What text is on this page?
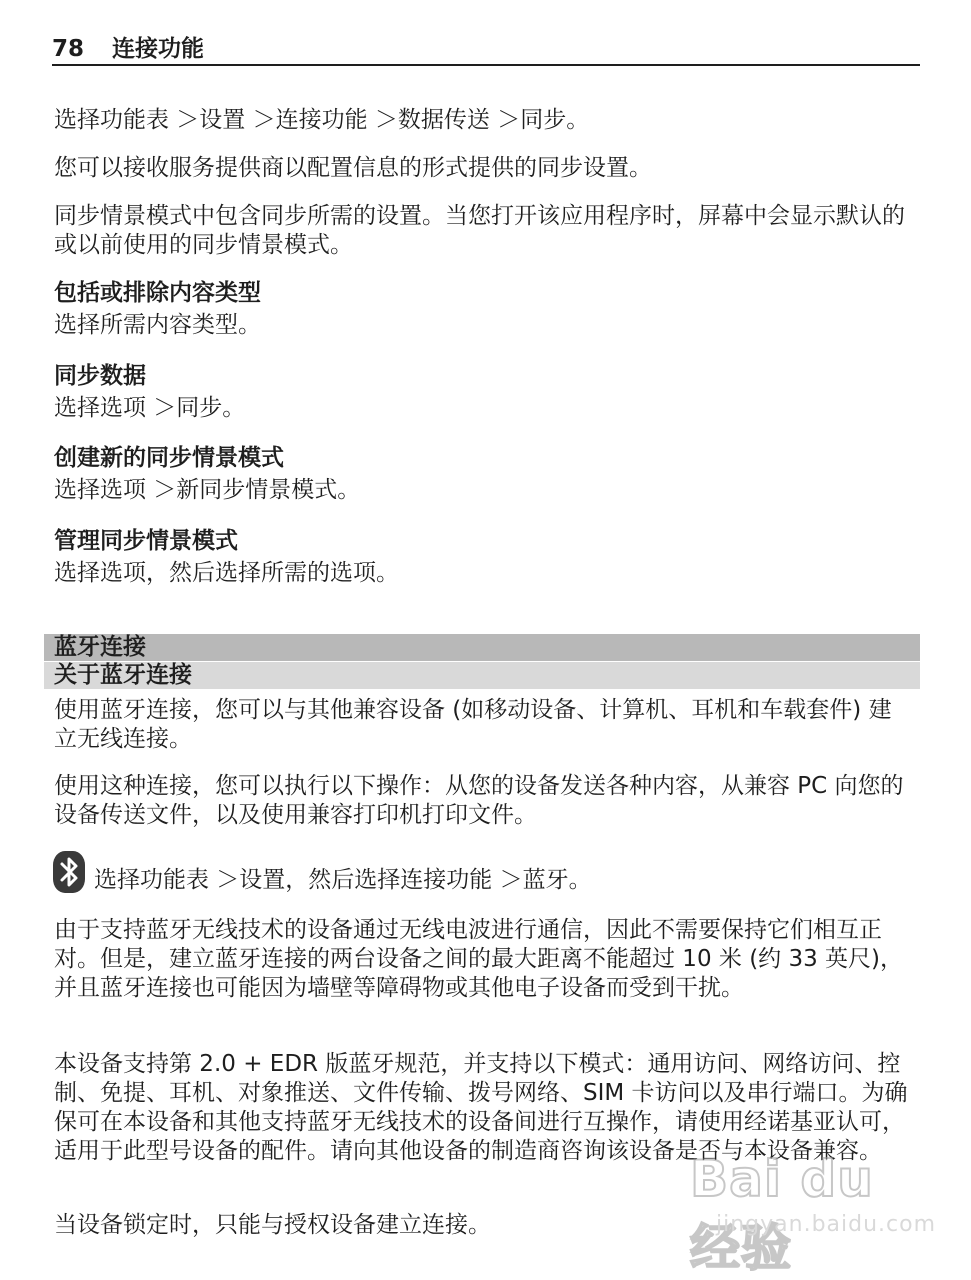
78 连接功能
选择功能表 ＞设置 ＞连接功能 ＞数据传送 ＞同步。
您可以接收服务提供商以配置信息的形式提供的同步设置。
同步情景模式中包含同步所需的设置。当您打开该应用程序时，屏幕中会显示默认的或以前使用的同步情景模式。
包括或排除内容类型
选择所需内容类型。
同步数据
选择选项 ＞同步。
创建新的同步情景模式
选择选项 ＞新同步情景模式。
管理同步情景模式
选择选项，然后选择所需的选项。
蓝牙连接
关于蓝牙连接
使用蓝牙连接，您可以与其他兼容设备 (如移动设备、计算机、耳机和车载套件) 建立无线连接。
使用这种连接，您可以执行以下操作：从您的设备发送各种内容，从兼容 PC 向您的设备传送文件，以及使用兼容打印机打印文件。
选择功能表 ＞设置，然后选择连接功能 ＞蓝牙。
由于支持蓝牙无线技术的设备通过无线电波进行通信，因此不需要保持它们相互正对。但是，建立蓝牙连接的两台设备之间的最大距离不能超过 10 米 (约 33 英尺)，并且蓝牙连接也可能因为墙壁等障碍物或其他电子设备而受到干扰。
本设备支持第 2.0 + EDR 版蓝牙规范，并支持以下模式：通用访问、网络访问、控制、免提、耳机、对象推送、文件传输、拨号网络、SIM 卡访问以及串行端口。为确保可在本设备和其他支持蓝牙无线技术的设备间进行互操作，请使用经诺基亚认可，适用于此型号设备的配件。请向其他设备的制造商咨询该设备是否与本设备兼容。
当设备锁定时，只能与授权设备建立连接。
Bai du 经验
jingyan.baidu.com
